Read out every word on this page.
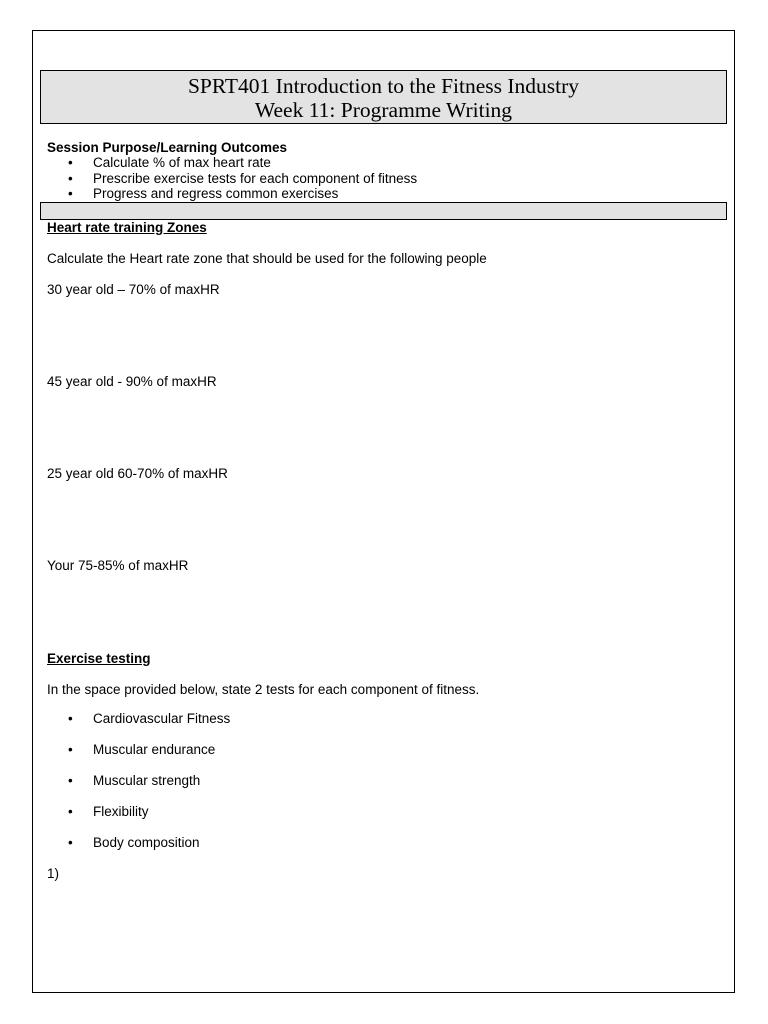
SPRT401 Introduction to the Fitness Industry
Week 11: Programme Writing
Session Purpose/Learning Outcomes
• Calculate % of max heart rate
• Prescribe exercise tests for each component of fitness
• Progress and regress common exercises
Heart rate training Zones
Calculate the Heart rate zone that should be used for the following people
30 year old – 70% of maxHR
45 year old - 90% of maxHR
25 year old 60-70% of maxHR
Your 75-85% of maxHR
Exercise testing
In the space provided below, state 2 tests for each component of fitness.
• Cardiovascular Fitness
• Muscular endurance
• Muscular strength
• Flexibility
• Body composition
1)
